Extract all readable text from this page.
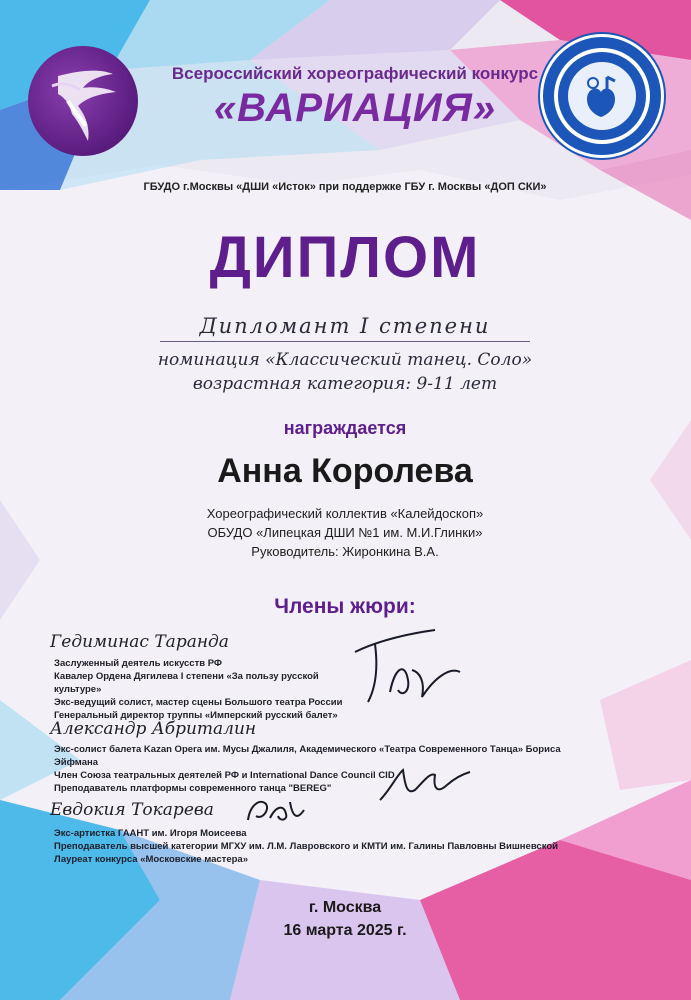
Всероссийский хореографический конкурс
«ВАРИАЦИЯ»
ГБУДО г.Москвы «ДШИ «Исток» при поддержке ГБУ г. Москвы «ДОП СКИ»
ДИПЛОМ
Дипломант I степени
номинация «Классический танец. Соло»
возрастная категория: 9-11 лет
награждается
Анна Королева
Хореографический коллектив «Калейдоскоп»
ОБУДО «Липецкая ДШИ №1 им. М.И.Глинки»
Руководитель: Жиронкина В.А.
Члены жюри:
Гедиминас Таранда
Заслуженный деятель искусств РФ
Кавалер Ордена Дягилева I степени «За пользу русской культуре»
Экс-ведущий солист, мастер сцены Большого театра России
Генеральный директор труппы «Имперский русский балет»
Александр Абриталин
Экс-солист балета Kazan Opera им. Мусы Джалиля, Академического «Театра Современного Танца» Бориса Эйфмана
Член Союза театральных деятелей РФ и International Dance Council CID
Преподаватель платформы современного танца "BEREG"
Евдокия Токарева
Экс-артистка ГААНТ им. Игоря Моисеева
Преподаватель высшей категории МГХУ им. Л.М. Лавровского и КМТИ им. Галины Павловны Вишневской
Лауреат конкурса «Московские мастера»
г. Москва
16 марта 2025 г.
